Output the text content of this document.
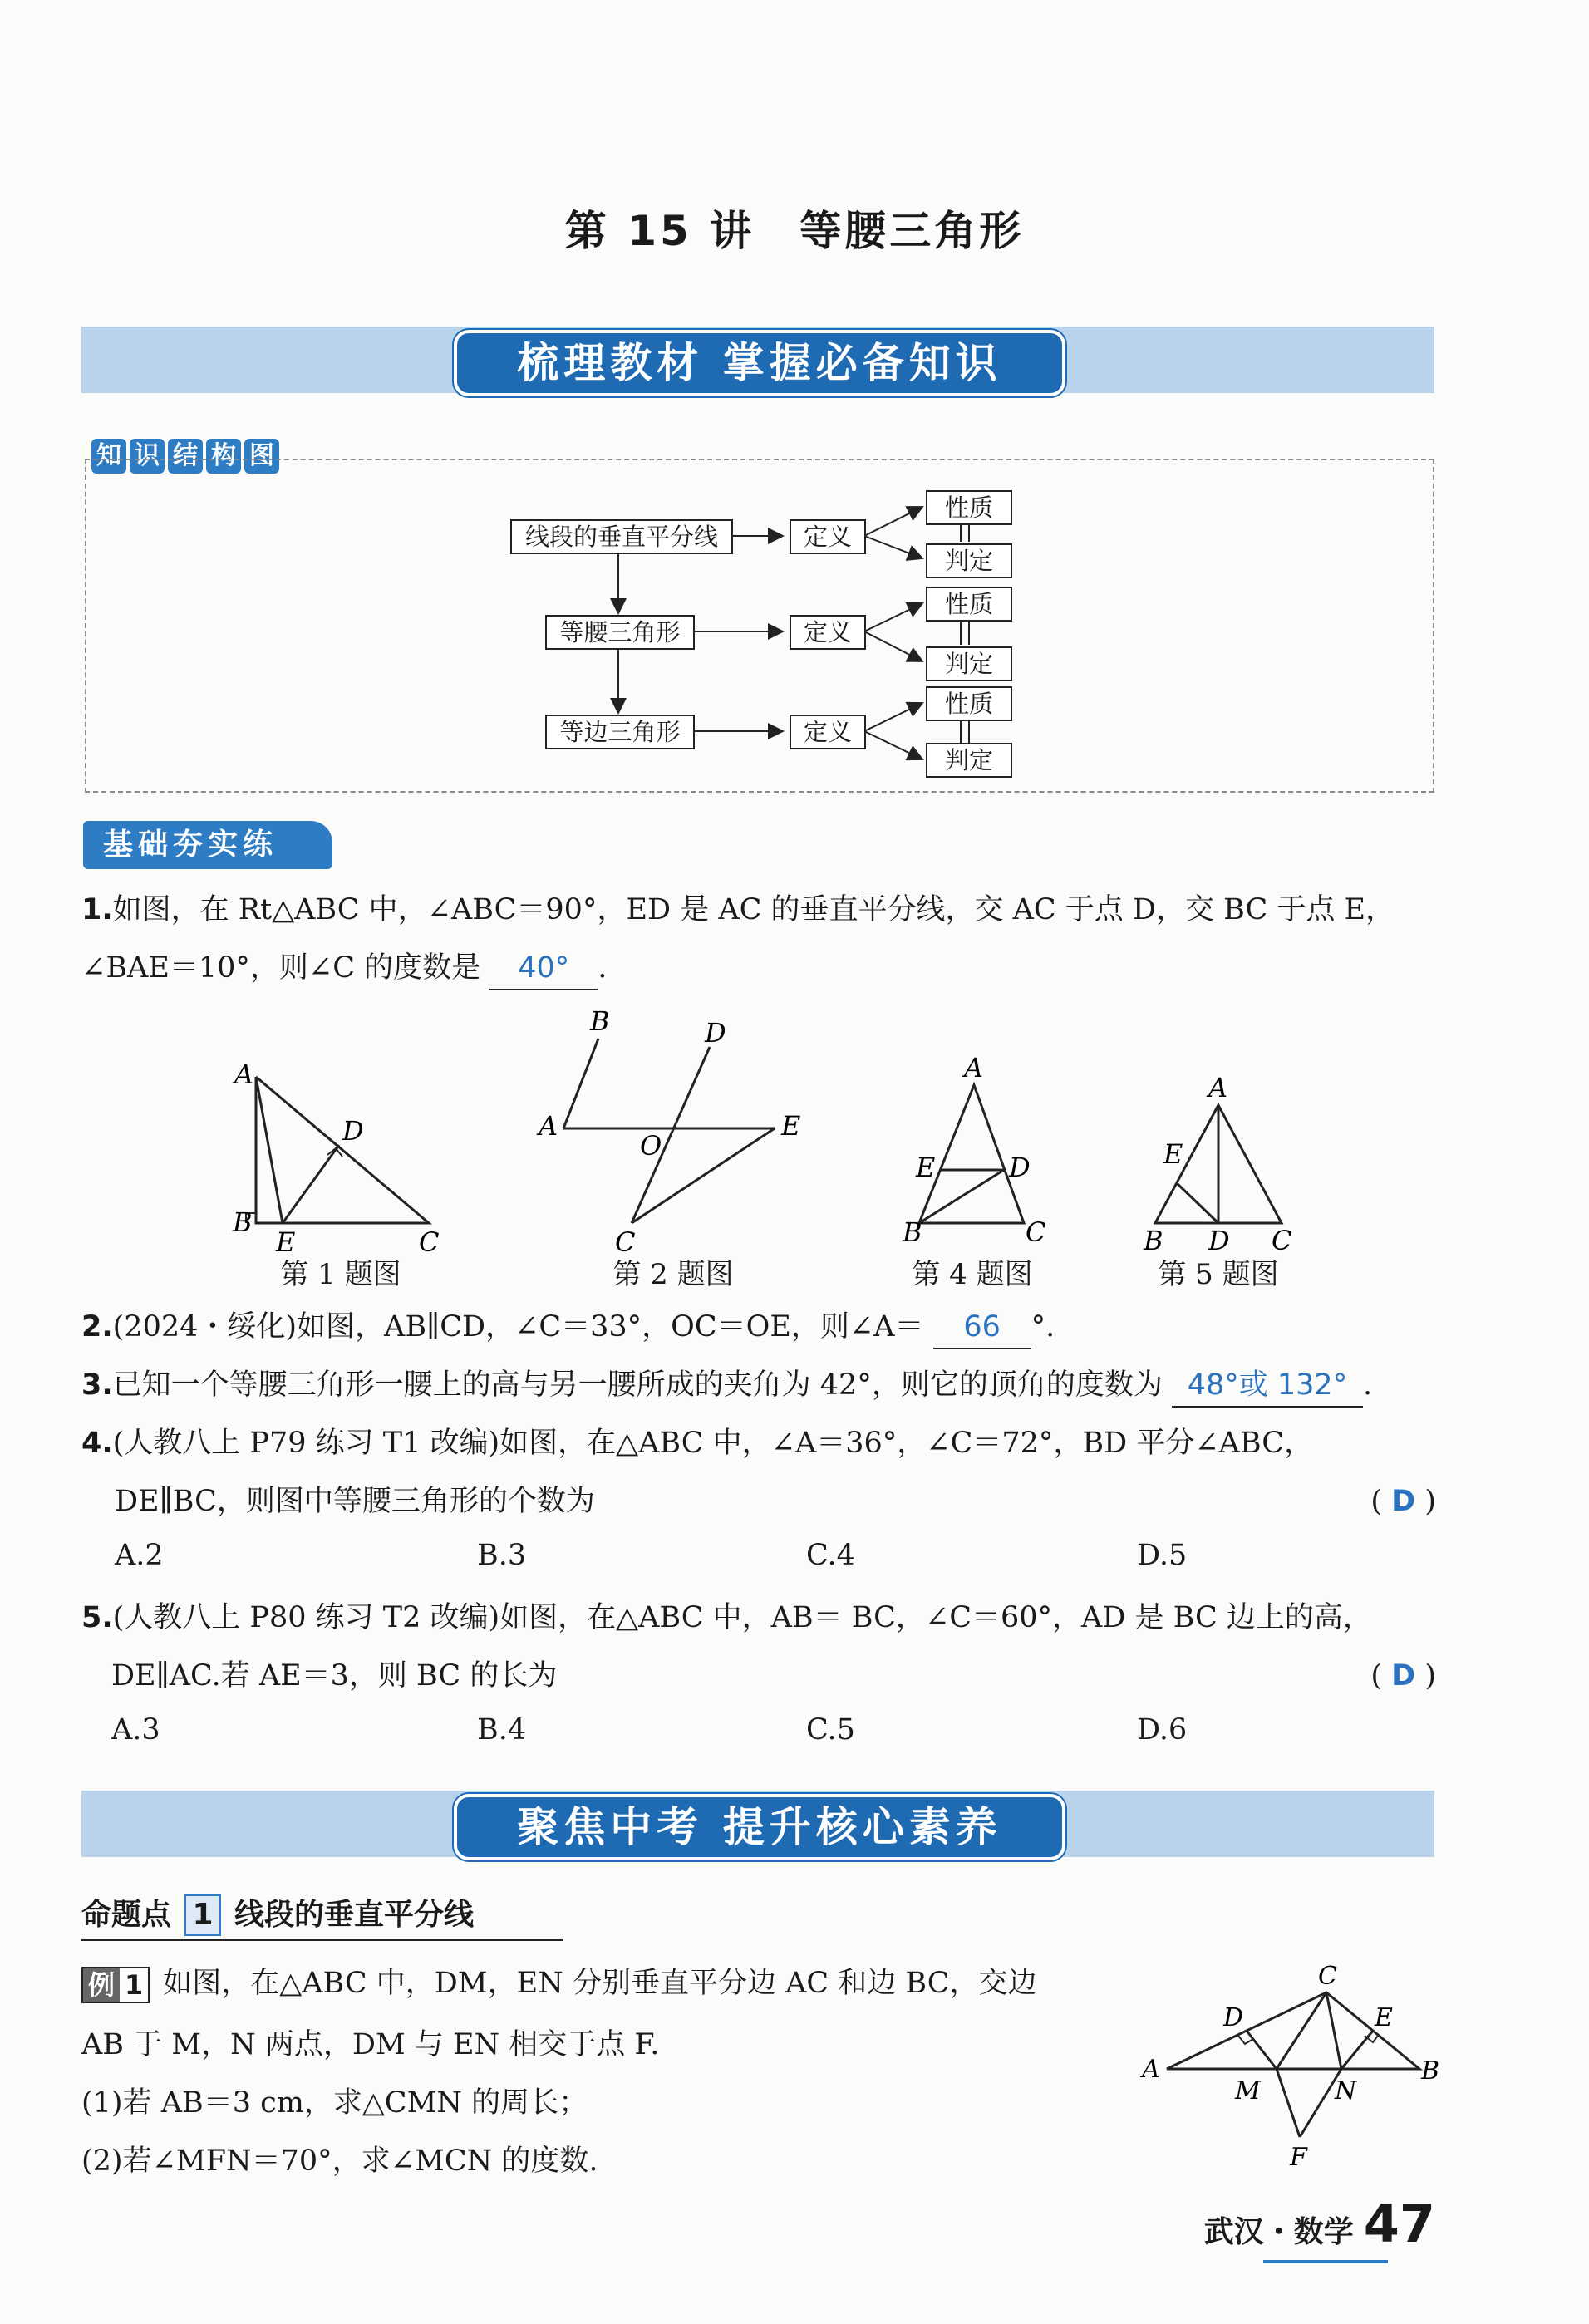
第 15 讲　等腰三角形
梳理教材 掌握必备知识
知 识 结 构 图
线段的垂直平分线
等腰三角形
等边三角形
定义
定义
定义
性质
判定
性质
判定
性质
判定
基础夯实练
1.如图，在 Rt△ABC 中，∠ABC＝90°，ED 是 AC 的垂直平分线，交 AC 于点 D，交 BC 于点 E，
∠BAE＝10°，则∠C 的度数是 40° .
A
B
E
D
C
B	D
A
O
E
C
A
E	D
B	C
A
E
B D C
第 1 题图	第 2 题图	第 4 题图	第 5 题图
2.(2024・绥化)如图，AB∥CD，∠C＝33°，OC＝OE，则∠A＝ 66 °.
3.已知一个等腰三角形一腰上的高与另一腰所成的夹角为 42°，则它的顶角的度数为 48°或 132° .
4.(人教八上 P79 练习 T1 改编)如图，在△ABC 中，∠A＝36°，∠C＝72°，BD 平分∠ABC，
DE∥BC，则图中等腰三角形的个数为	( D )
A.2	B.3	C.4	D.5
5.(人教八上 P80 练习 T2 改编)如图，在△ABC 中，AB＝ BC，∠C＝60°，AD 是 BC 边上的高，
DE∥AC.若 AE＝3，则 BC 的长为	( D )
A.3	B.4	C.5	D.6
聚焦中考 提升核心素养
命题点 1 线段的垂直平分线
例 1 如图，在△ABC 中，DM，EN 分别垂直平分边 AC 和边 BC，交边
AB 于 M，N 两点，DM 与 EN 相交于点 F.
(1)若 AB＝3 cm，求△CMN 的周长；
(2)若∠MFN＝70°，求∠MCN 的度数.
C
D	E
A
M	N
B
F
武汉・数学 47
